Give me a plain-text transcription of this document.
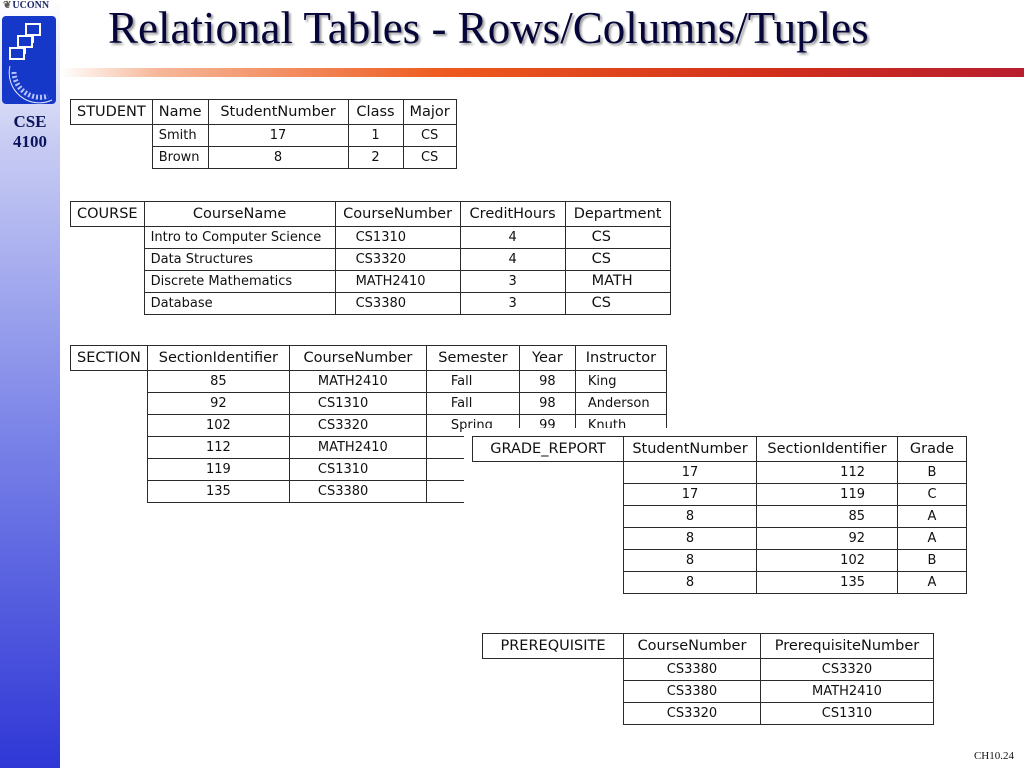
❦UCONN
CSE
4100
Relational Tables - Rows/Columns/Tuples
STUDENT	Name	StudentNumber	Class	Major
	Smith	17	1	CS
	Brown	8	2	CS
COURSE	CourseName	CourseNumber	CreditHours	Department
	Intro to Computer Science	CS1310	4	CS
	Data Structures	CS3320	4	CS
	Discrete Mathematics	MATH2410	3	MATH
	Database	CS3380	3	CS
SECTION	SectionIdentifier	CourseNumber	Semester	Year	Instructor
	85	MATH2410	Fall	98	King
	92	CS1310	Fall	98	Anderson
	102	CS3320	Spring	99	Knuth
	112	MATH2410			
	119	CS1310			
	135	CS3380			
GRADE_REPORT	StudentNumber	SectionIdentifier	Grade
	17	112	B
	17	119	C
	8	85	A
	8	92	A
	8	102	B
	8	135	A
PREREQUISITE	CourseNumber	PrerequisiteNumber
	CS3380	CS3320
	CS3380	MATH2410
	CS3320	CS1310
CH10.24
